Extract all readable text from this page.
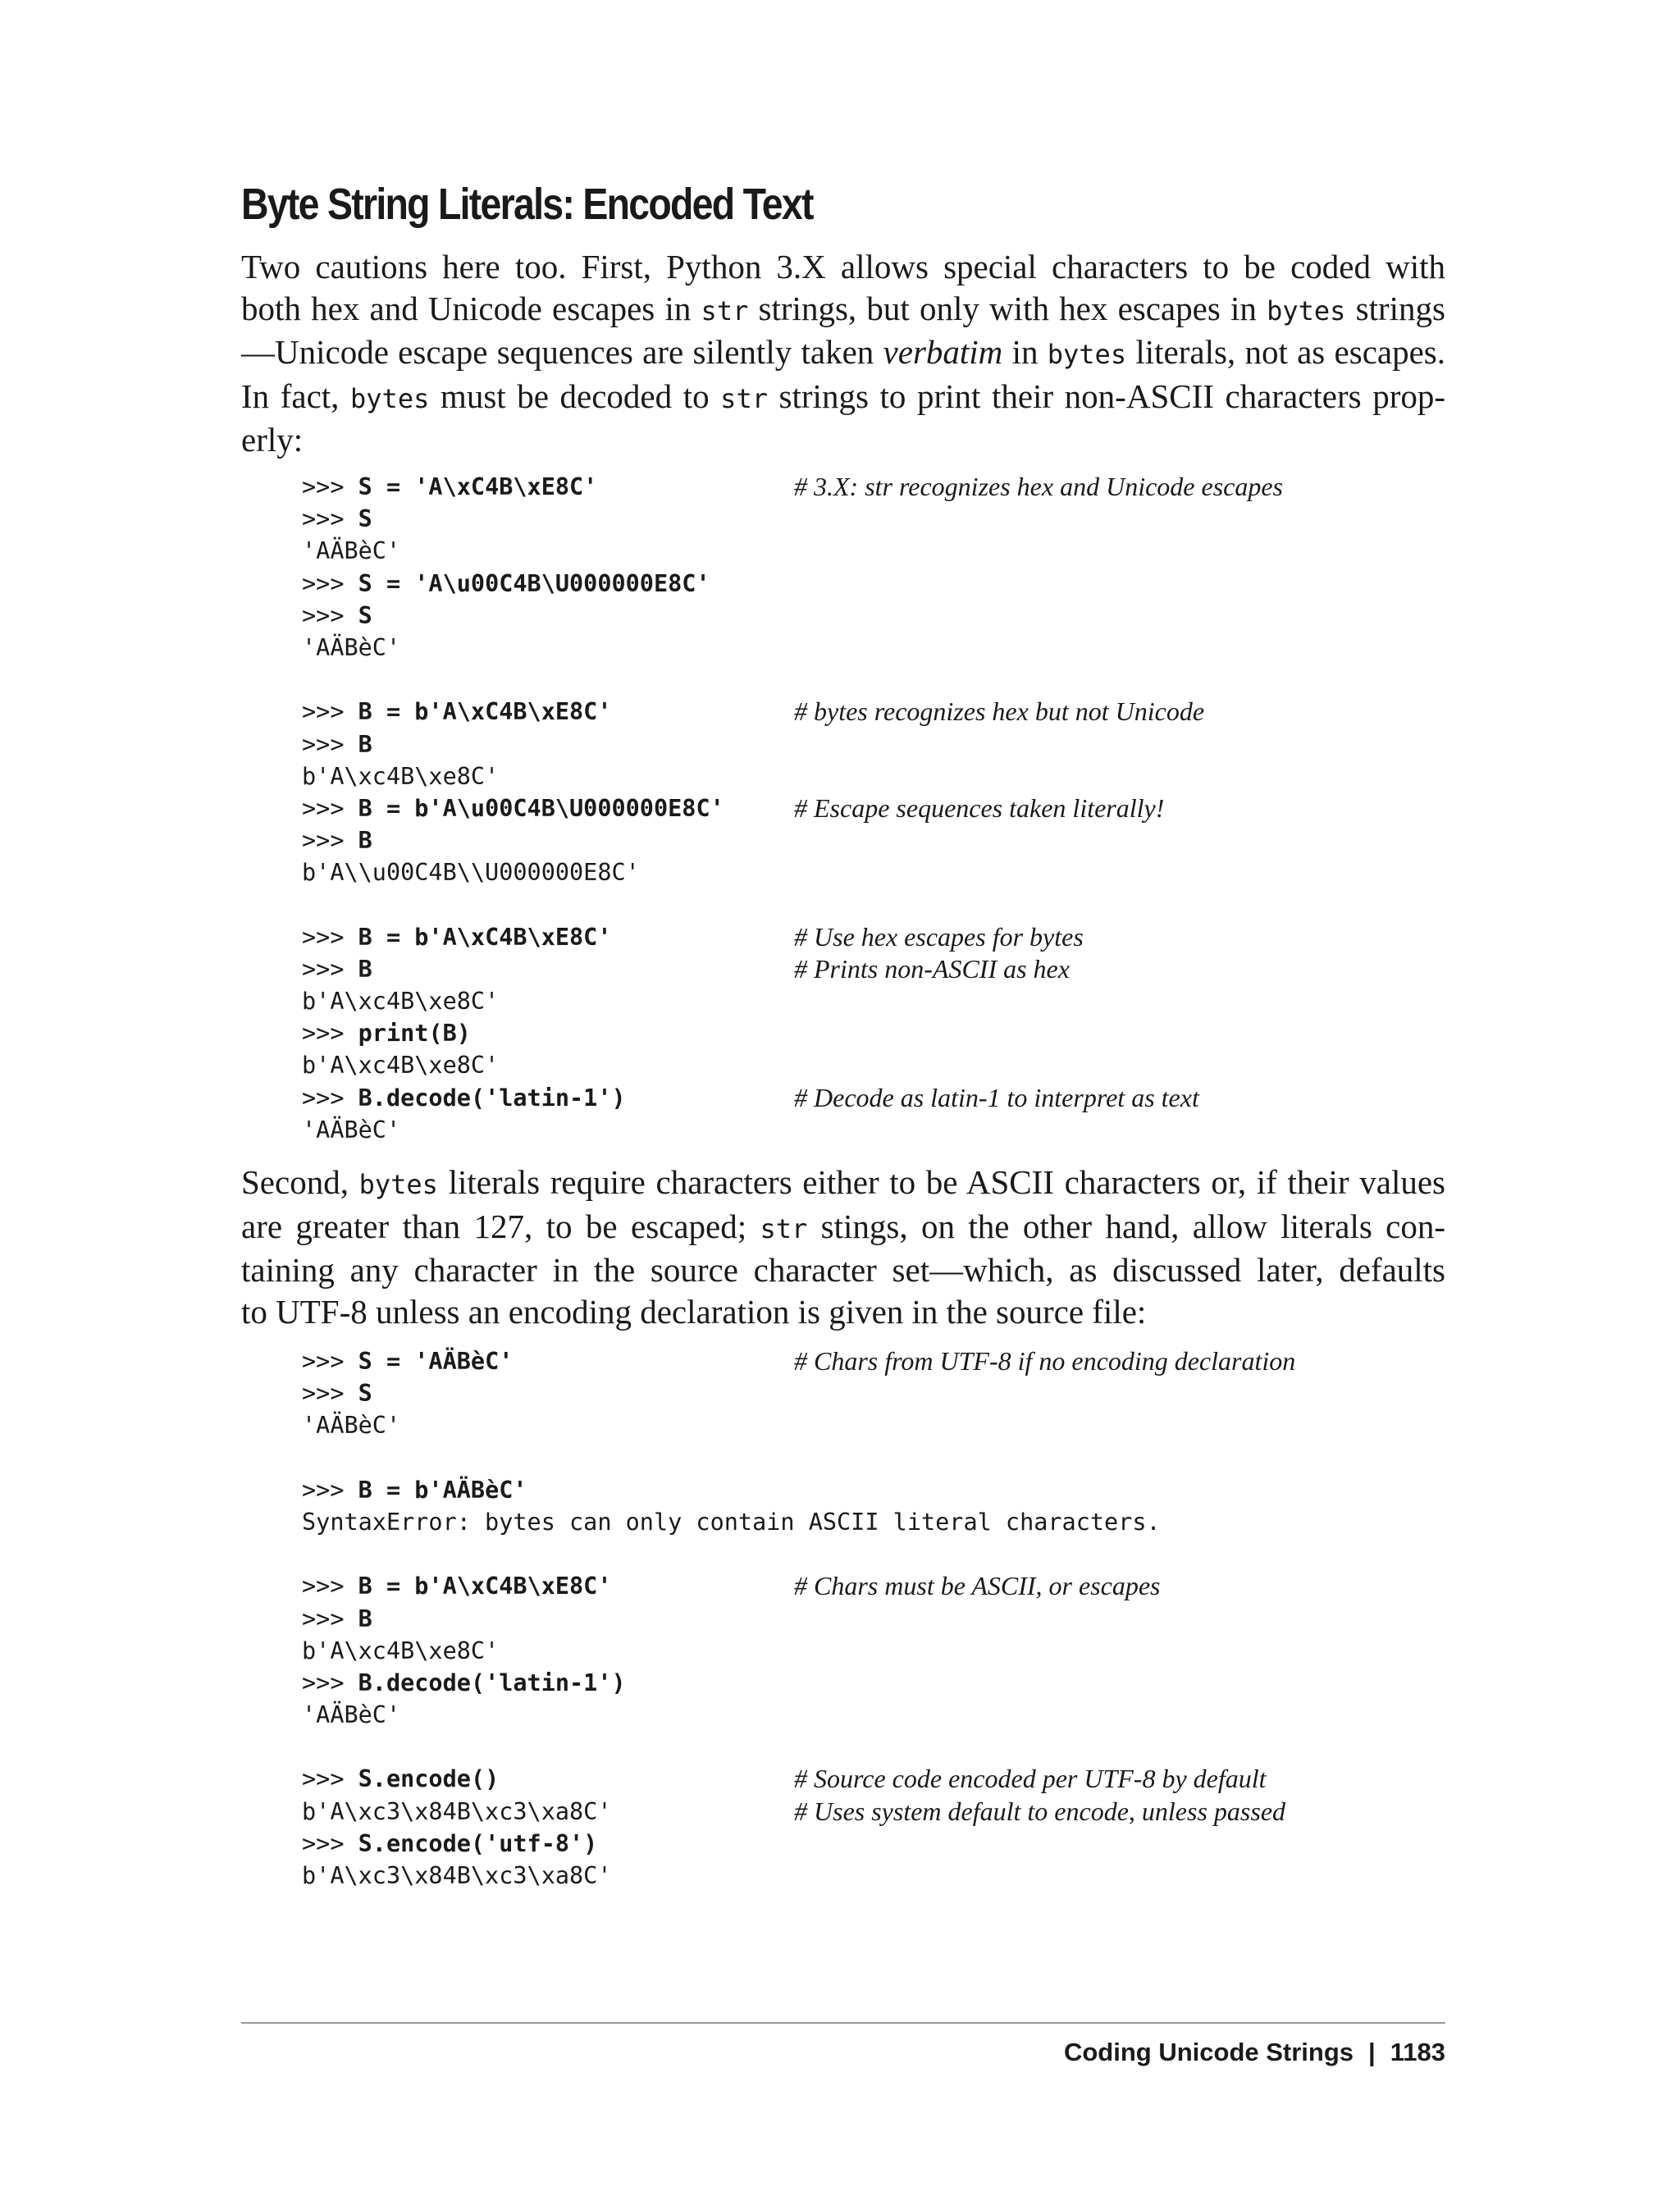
Byte String Literals: Encoded Text
Two cautions here too. First, Python 3.X allows special characters to be coded with
both hex and Unicode escapes in str strings, but only with hex escapes in bytes strings
—Unicode escape sequences are silently taken verbatim in bytes literals, not as escapes.
In fact, bytes must be decoded to str strings to print their non-ASCII characters prop-
erly:
>>> S = 'A\xC4B\xE8C'	# 3.X: str recognizes hex and Unicode escapes
>>> S
'AÄBèC'
>>> S = 'A\u00C4B\U000000E8C'
>>> S
'AÄBèC'
>>> B = b'A\xC4B\xE8C'	# bytes recognizes hex but not Unicode
>>> B
b'A\xc4B\xe8C'
>>> B = b'A\u00C4B\U000000E8C'	# Escape sequences taken literally!
>>> B
b'A\\u00C4B\\U000000E8C'
>>> B = b'A\xC4B\xE8C'	# Use hex escapes for bytes
>>> B	# Prints non-ASCII as hex
b'A\xc4B\xe8C'
>>> print(B)
b'A\xc4B\xe8C'
>>> B.decode('latin-1')	# Decode as latin-1 to interpret as text
'AÄBèC'
Second, bytes literals require characters either to be ASCII characters or, if their values
are greater than 127, to be escaped; str stings, on the other hand, allow literals con-
taining any character in the source character set—which, as discussed later, defaults
to UTF-8 unless an encoding declaration is given in the source file:
>>> S = 'AÄBèC'	# Chars from UTF-8 if no encoding declaration
>>> S
'AÄBèC'
>>> B = b'AÄBèC'
SyntaxError: bytes can only contain ASCII literal characters.
>>> B = b'A\xC4B\xE8C'	# Chars must be ASCII, or escapes
>>> B
b'A\xc4B\xe8C'
>>> B.decode('latin-1')
'AÄBèC'
>>> S.encode()	# Source code encoded per UTF-8 by default
b'A\xc3\x84B\xc3\xa8C'	# Uses system default to encode, unless passed
>>> S.encode('utf-8')
b'A\xc3\x84B\xc3\xa8C'
Coding Unicode Strings | 1183
